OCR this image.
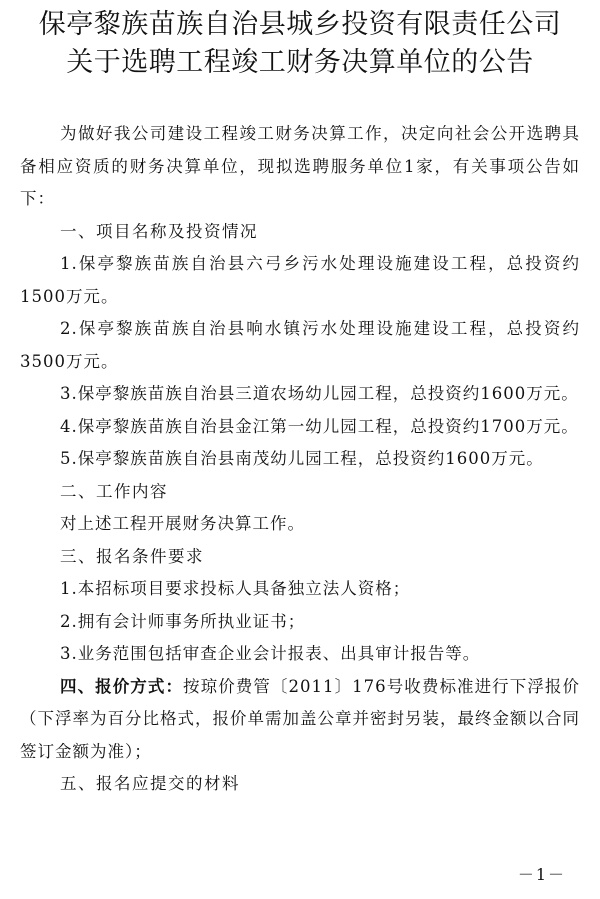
保亭黎族苗族自治县城乡投资有限责任公司
关于选聘工程竣工财务决算单位的公告

为做好我公司建设工程竣工财务决算工作，决定向社会公开选聘具备相应资质的财务决算单位，现拟选聘服务单位1家，有关事项公告如下：

一、项目名称及投资情况

1.保亭黎族苗族自治县六弓乡污水处理设施建设工程，总投资约1500万元。

2.保亭黎族苗族自治县响水镇污水处理设施建设工程，总投资约3500万元。

3.保亭黎族苗族自治县三道农场幼儿园工程，总投资约1600万元。

4.保亭黎族苗族自治县金江第一幼儿园工程，总投资约1700万元。

5.保亭黎族苗族自治县南茂幼儿园工程，总投资约1600万元。

二、工作内容

对上述工程开展财务决算工作。

三、报名条件要求

1.本招标项目要求投标人具备独立法人资格；

2.拥有会计师事务所执业证书；

3.业务范围包括审查企业会计报表、出具审计报告等。

四、报价方式：按琼价费管〔2011〕176号收费标准进行下浮报价（下浮率为百分比格式，报价单需加盖公章并密封另装，最终金额以合同签订金额为准）；

五、报名应提交的材料

－1－
